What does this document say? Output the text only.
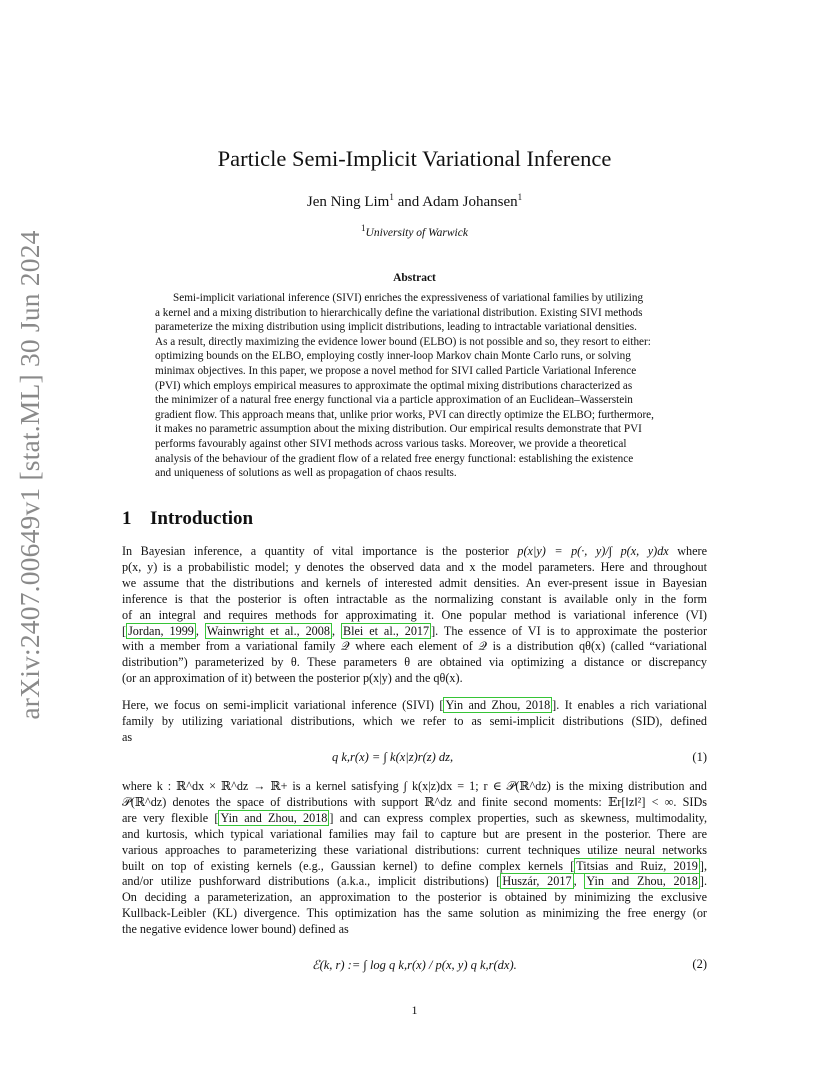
arXiv:2407.00649v1 [stat.ML] 30 Jun 2024
Particle Semi-Implicit Variational Inference
Jen Ning Lim$^1$ and Adam Johansen$^1$
$^1$University of Warwick
Abstract
Semi-implicit variational inference (SIVI) enriches the expressiveness of variational families by utilizing
a kernel and a mixing distribution to hierarchically define the variational distribution. Existing SIVI methods
parameterize the mixing distribution using implicit distributions, leading to intractable variational densities.
As a result, directly maximizing the evidence lower bound (ELBO) is not possible and so, they resort to either:
optimizing bounds on the ELBO, employing costly inner-loop Markov chain Monte Carlo runs, or solving
minimax objectives. In this paper, we propose a novel method for SIVI called Particle Variational Inference
(PVI) which employs empirical measures to approximate the optimal mixing distributions characterized as
the minimizer of a natural free energy functional via a particle approximation of an Euclidean–Wasserstein
gradient flow. This approach means that, unlike prior works, PVI can directly optimize the ELBO; furthermore,
it makes no parametric assumption about the mixing distribution. Our empirical results demonstrate that PVI
performs favourably against other SIVI methods across various tasks. Moreover, we provide a theoretical
analysis of the behaviour of the gradient flow of a related free energy functional: establishing the existence
and uniqueness of solutions as well as propagation of chaos results.
1 Introduction
In Bayesian inference, a quantity of vital importance is the posterior p(x|y) = p(·, y)/∫ p(x, y)dx where
p(x, y) is a probabilistic model; y denotes the observed data and x the model parameters. Here and throughout
we assume that the distributions and kernels of interested admit densities. An ever-present issue in Bayesian
inference is that the posterior is often intractable as the normalizing constant is available only in the form
of an integral and requires methods for approximating it. One popular method is variational inference (VI)
[ Jordan, 1999 , Wainwright et al., 2008 , Blei et al., 2017 ]. The essence of VI is to approximate the posterior
with a member from a variational family 𝒬 where each element of 𝒬 is a distribution qθ(x) (called “variational
distribution”) parameterized by θ. These parameters θ are obtained via optimizing a distance or discrepancy
(or an approximation of it) between the posterior p(x|y) and the qθ(x).
Here, we focus on semi-implicit variational inference (SIVI) [ Yin and Zhou, 2018 ]. It enables a rich variational
family by utilizing variational distributions, which we refer to as semi-implicit distributions (SID), defined
as
q k,r(x) = ∫ k(x|z)r(z) dz,	(1)
where k : ℝ^dx × ℝ^dz → ℝ+ is a kernel satisfying ∫ k(x|z)dx = 1; r ∈ 𝒫(ℝ^dz) is the mixing distribution and
𝒫(ℝ^dz) denotes the space of distributions with support ℝ^dz and finite second moments: 𝔼r[‖z‖²] < ∞. SIDs
are very flexible [ Yin and Zhou, 2018 ] and can express complex properties, such as skewness, multimodality,
and kurtosis, which typical variational families may fail to capture but are present in the posterior. There are
various approaches to parameterizing these variational distributions: current techniques utilize neural networks
built on top of existing kernels (e.g., Gaussian kernel) to define complex kernels [ Titsias and Ruiz, 2019 ],
and/or utilize pushforward distributions (a.k.a., implicit distributions) [ Huszár, 2017 , Yin and Zhou, 2018 ].
On deciding a parameterization, an approximation to the posterior is obtained by minimizing the exclusive
Kullback-Leibler (KL) divergence. This optimization has the same solution as minimizing the free energy (or
the negative evidence lower bound) defined as
ℰ(k, r) := ∫ log q k,r(x) / p(x, y) q k,r(dx).	(2)
1
